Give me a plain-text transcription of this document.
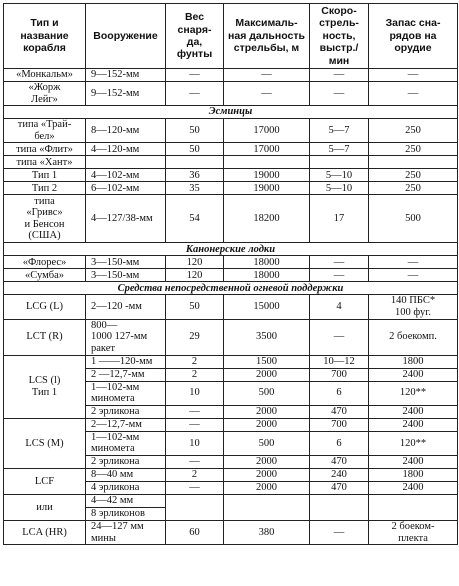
Тип и
название
корабля	Вооружение	Вес снаря-
да, фунты	Максималь-
ная дальность
стрельбы, м	Скоро-
стрель-
ность,
выстр./
мин	Запас сна-
рядов на
орудие
«Монкальм»	9—152-мм	—	—	—	—
«Жорж
Лейг»	9—152-мм	—	—	—	—
Эсминцы					
типа «Трай-
бел»	8—120-мм	50	17000	5—7	250
типа «Флит»	4—120-мм	50	17000	5—7	250
типа «Хант»					
Тип 1	4—102-мм	36	19000	5—10	250
Тип 2	6—102-мм	35	19000	5—10	250
типа
«Гривс»
и Бенсон
(США)	4—127/38-мм	54	18200	17	500
Канонерские лодки					
«Флорес»	3—150-мм	120	18000	—	—
«Сумба»	3—150-мм	120	18000	—	—
Средства непосредственной огневой поддержки					
LCG (L)	2—120 -мм	50	15000	4	140 ПБС*
100 фуг.
LCT (R)	800—
1000 127-мм
ракет	29	3500	—	2 боекомп.
LCS (l)
Тип 1	1 ——120-мм	2	1500	10—12	1800
	2 —12,7-мм	2	2000	700	2400
	1—102-мм
миномета	10	500	6	120**
	2 эрликона	—	2000	470	2400
LCS (M)	2—12,7-мм	—	2000	700	2400
	1—102-мм
миномета	10	500	6	120**
	2 эрликона	—	2000	470	2400
LCF	8—40 мм	2	2000	240	1800
	4 эрликона	—	2000	470	2400
или	4—42 мм				
	8 эрликонов				
LCA (HR)	24—127 мм
мины	60	380	—	2 боеком-
плекта
